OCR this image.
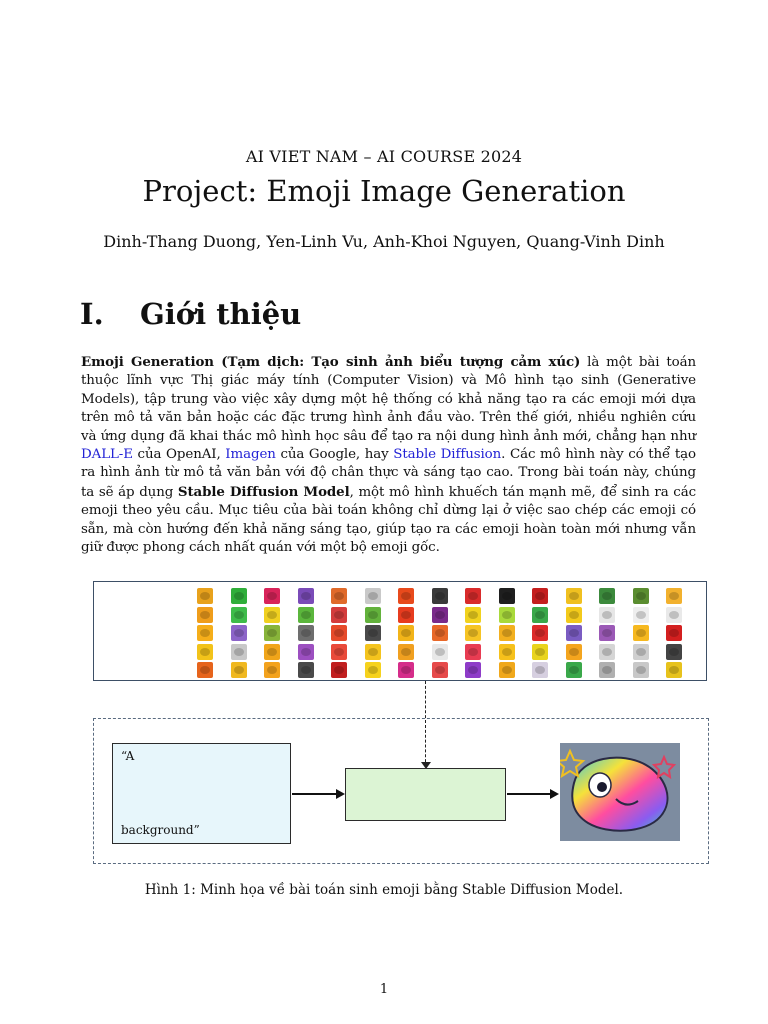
AI VIET NAM – AI COURSE 2024
Project: Emoji Image Generation
Dinh-Thang Duong, Yen-Linh Vu, Anh-Khoi Nguyen, Quang-Vinh Dinh
I. Giới thiệu
Emoji Generation (Tạm dịch: Tạo sinh ảnh biểu tượng cảm xúc) là một bài toán thuộc lĩnh vực Thị giác máy tính (Computer Vision) và Mô hình tạo sinh (Generative Models), tập trung vào việc xây dựng một hệ thống có khả năng tạo ra các emoji mới dựa trên mô tả văn bản hoặc các đặc trưng hình ảnh đầu vào. Trên thế giới, nhiều nghiên cứu và ứng dụng đã khai thác mô hình học sâu để tạo ra nội dung hình ảnh mới, chẳng hạn như DALL-E của OpenAI, Imagen của Google, hay Stable Diffusion. Các mô hình này có thể tạo ra hình ảnh từ mô tả văn bản với độ chân thực và sáng tạo cao. Trong bài toán này, chúng ta sẽ áp dụng Stable Diffusion Model, một mô hình khuếch tán mạnh mẽ, để sinh ra các emoji theo yêu cầu. Mục tiêu của bài toán không chỉ dừng lại ở việc sao chép các emoji có sẵn, mà còn hướng đến khả năng sáng tạo, giúp tạo ra các emoji hoàn toàn mới nhưng vẫn giữ được phong cách nhất quán với một bộ emoji gốc.
“A
background”
Hình 1: Minh họa về bài toán sinh emoji bằng Stable Diffusion Model.
1
